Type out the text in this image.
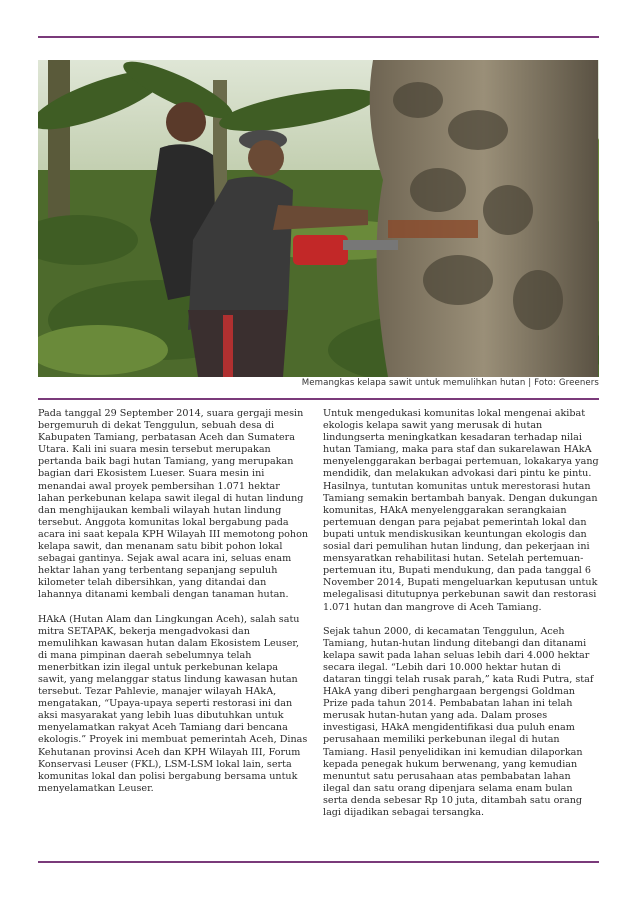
Memangkas kelapa sawit untuk memulihkan hutan | Foto: Greeners

Pada tanggal 29 September 2014, suara gergaji mesin bergemuruh di dekat Tenggulun, sebuah desa di Kabupaten Tamiang, perbatasan Aceh dan Sumatera Utara. Kali ini suara mesin tersebut merupakan pertanda baik bagi hutan Tamiang, yang merupakan bagian dari Ekosistem Lueser. Suara mesin ini menandai awal proyek pembersihan 1.071 hektar lahan perkebunan kelapa sawit ilegal di hutan lindung dan menghijaukan kembali wilayah hutan lindung tersebut. Anggota komunitas lokal bergabung pada acara ini saat kepala KPH Wilayah III memotong pohon kelapa sawit, dan menanam satu bibit pohon lokal sebagai gantinya. Sejak awal acara ini, seluas enam hektar lahan yang terbentang sepanjang sepuluh kilometer telah dibersihkan, yang ditandai dan lahannya ditanami kembali dengan tanaman hutan.

HAkA (Hutan Alam dan Lingkungan Aceh), salah satu mitra SETAPAK, bekerja mengadvokasi dan memulihkan kawasan hutan dalam Ekosistem Leuser, di mana pimpinan daerah sebelumnya telah menerbitkan izin ilegal untuk perkebunan kelapa sawit, yang melanggar status lindung kawasan hutan tersebut. Tezar Pahlevie, manajer wilayah HAkA, mengatakan, “Upaya-upaya seperti restorasi ini dan aksi masyarakat yang lebih luas dibutuhkan untuk menyelamatkan rakyat Aceh Tamiang dari bencana ekologis.” Proyek ini membuat pemerintah Aceh, Dinas Kehutanan provinsi Aceh dan KPH Wilayah III, Forum Konservasi Leuser (FKL), LSM-LSM lokal lain, serta komunitas lokal dan polisi bergabung bersama untuk menyelamatkan Leuser.

Untuk mengedukasi komunitas lokal mengenai akibat ekologis kelapa sawit yang merusak di hutan lindungserta meningkatkan kesadaran terhadap nilai hutan Tamiang, maka para staf dan sukarelawan HAkA menyelenggarakan berbagai pertemuan, lokakarya yang mendidik, dan melakukan advokasi dari pintu ke pintu. Hasilnya, tuntutan komunitas untuk merestorasi hutan Tamiang semakin bertambah banyak. Dengan dukungan komunitas, HAkA menyelenggarakan serangkaian pertemuan dengan para pejabat pemerintah lokal dan bupati untuk mendiskusikan keuntungan ekologis dan sosial dari pemulihan hutan lindung, dan pekerjaan ini mensyaratkan rehabilitasi hutan. Setelah pertemuan-pertemuan itu, Bupati mendukung, dan pada tanggal 6 November 2014, Bupati mengeluarkan keputusan untuk melegalisasi ditutupnya perkebunan sawit dan restorasi 1.071 hutan dan mangrove di Aceh Tamiang.

Sejak tahun 2000, di kecamatan Tenggulun, Aceh Tamiang, hutan-hutan lindung ditebangi dan ditanami kelapa sawit pada lahan seluas lebih dari 4.000 hektar secara ilegal. “Lebih dari 10.000 hektar hutan di dataran tinggi telah rusak parah,” kata Rudi Putra, staf HAkA yang diberi penghargaan bergengsi Goldman Prize pada tahun 2014. Pembabatan lahan ini telah merusak hutan-hutan yang ada. Dalam proses investigasi, HAkA mengidentifikasi dua puluh enam perusahaan memiliki perkebunan ilegal di hutan Tamiang. Hasil penyelidikan ini kemudian dilaporkan kepada penegak hukum berwenang, yang kemudian menuntut satu perusahaan atas pembabatan lahan ilegal dan satu orang dipenjara selama enam bulan serta denda sebesar Rp 10 juta, ditambah satu orang lagi dijadikan sebagai tersangka.
